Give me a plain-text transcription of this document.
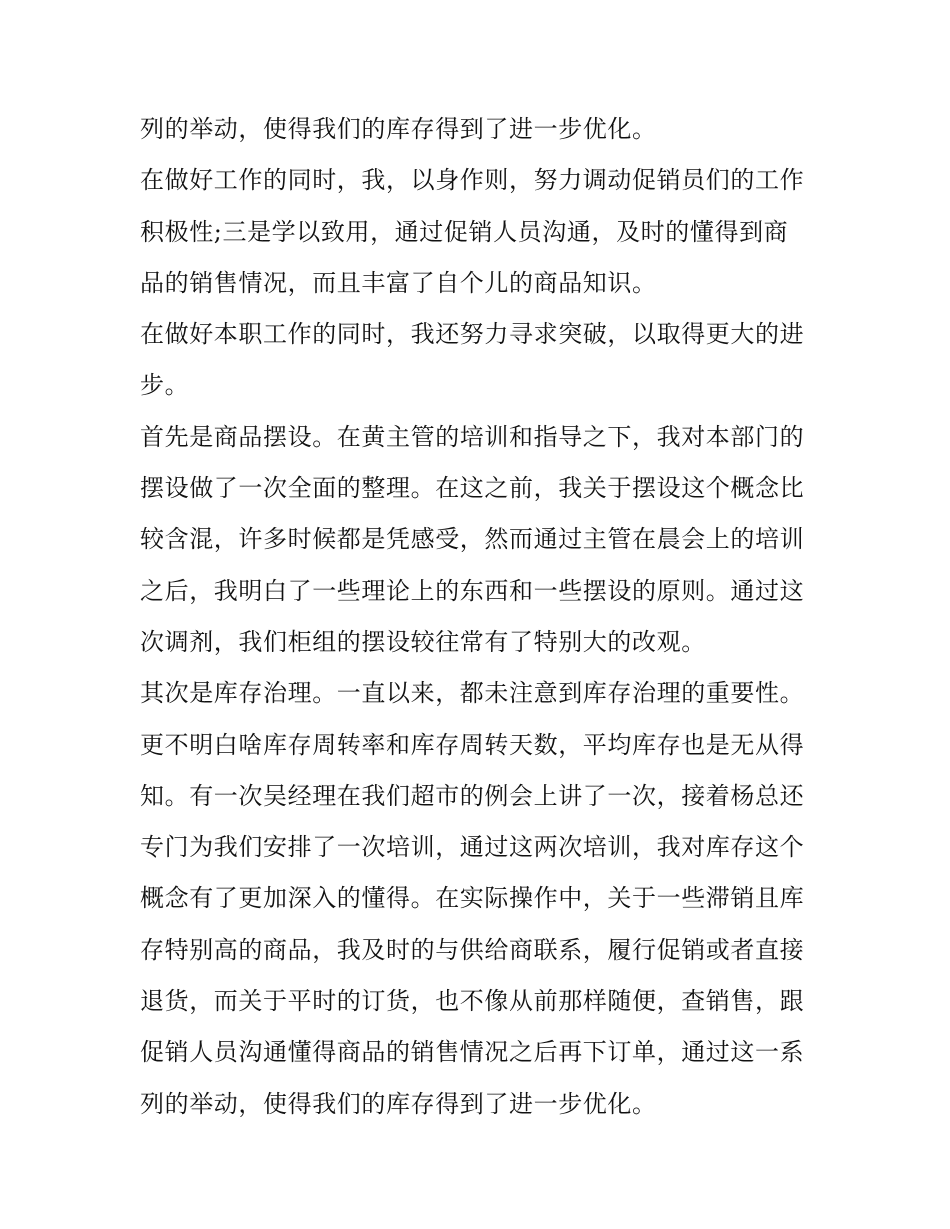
列的举动，使得我们的库存得到了进一步优化。
在做好工作的同时，我，以身作则，努力调动促销员们的工作
积极性;三是学以致用，通过促销人员沟通，及时的懂得到商
品的销售情况，而且丰富了自个儿的商品知识。
在做好本职工作的同时，我还努力寻求突破，以取得更大的进
步。
首先是商品摆设。在黄主管的培训和指导之下，我对本部门的
摆设做了一次全面的整理。在这之前，我关于摆设这个概念比
较含混，许多时候都是凭感受，然而通过主管在晨会上的培训
之后，我明白了一些理论上的东西和一些摆设的原则。通过这
次调剂，我们柜组的摆设较往常有了特别大的改观。
其次是库存治理。一直以来，都未注意到库存治理的重要性。
更不明白啥库存周转率和库存周转天数，平均库存也是无从得
知。有一次吴经理在我们超市的例会上讲了一次，接着杨总还
专门为我们安排了一次培训，通过这两次培训，我对库存这个
概念有了更加深入的懂得。在实际操作中，关于一些滞销且库
存特别高的商品，我及时的与供给商联系，履行促销或者直接
退货，而关于平时的订货，也不像从前那样随便，查销售，跟
促销人员沟通懂得商品的销售情况之后再下订单，通过这一系
列的举动，使得我们的库存得到了进一步优化。
